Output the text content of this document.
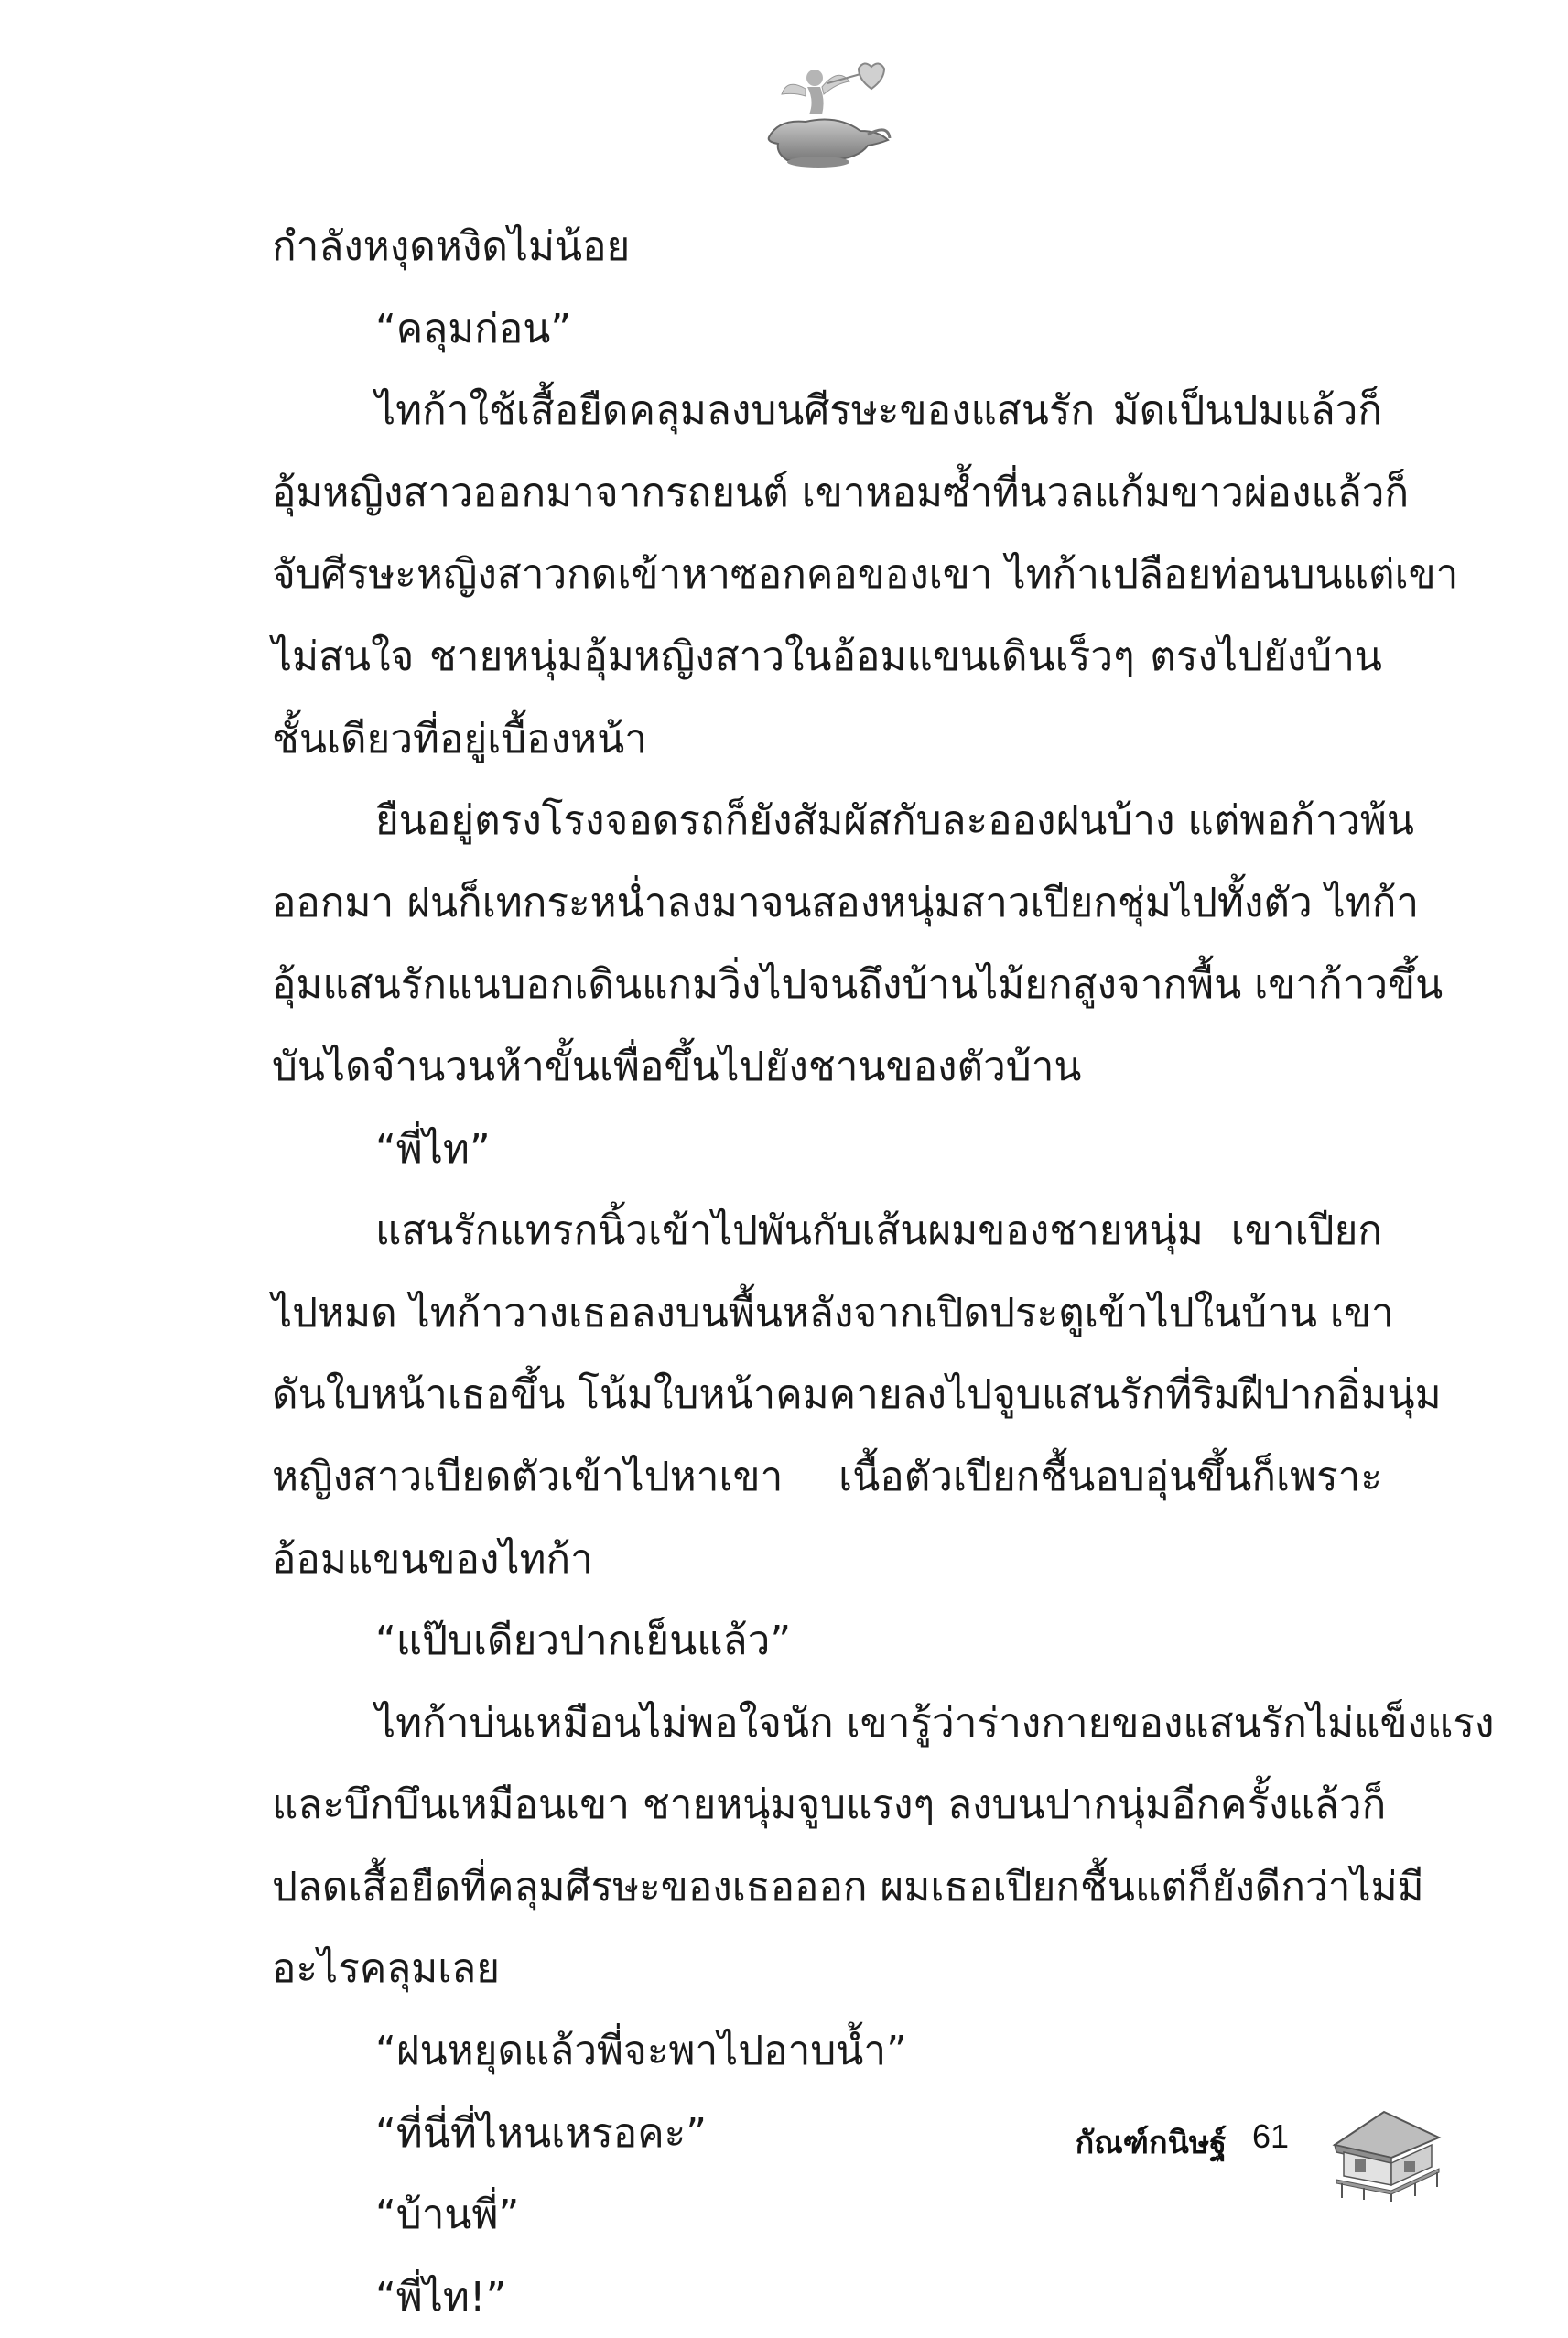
กำลังหงุดหงิดไม่น้อย
“คลุมก่อน”
ไทก้าใช้เสื้อยืดคลุมลงบนศีรษะของแสนรัก มัดเป็นปมแล้วก็
อุ้มหญิงสาวออกมาจากรถยนต์ เขาหอมซ้ำที่นวลแก้มขาวผ่องแล้วก็
จับศีรษะหญิงสาวกดเข้าหาซอกคอของเขา ไทก้าเปลือยท่อนบนแต่เขา
ไม่สนใจ ชายหนุ่มอุ้มหญิงสาวในอ้อมแขนเดินเร็วๆ ตรงไปยังบ้าน
ชั้นเดียวที่อยู่เบื้องหน้า
ยืนอยู่ตรงโรงจอดรถก็ยังสัมผัสกับละอองฝนบ้าง แต่พอก้าวพ้น
ออกมา ฝนก็เทกระหน่ำลงมาจนสองหนุ่มสาวเปียกชุ่มไปทั้งตัว ไทก้า
อุ้มแสนรักแนบอกเดินแกมวิ่งไปจนถึงบ้านไม้ยกสูงจากพื้น เขาก้าวขึ้น
บันไดจำนวนห้าขั้นเพื่อขึ้นไปยังชานของตัวบ้าน
“พี่ไท”
แสนรักแทรกนิ้วเข้าไปพันกับเส้นผมของชายหนุ่ม เขาเปียก
ไปหมด ไทก้าวางเธอลงบนพื้นหลังจากเปิดประตูเข้าไปในบ้าน เขา
ดันใบหน้าเธอขึ้น โน้มใบหน้าคมคายลงไปจูบแสนรักที่ริมฝีปากอิ่มนุ่ม
หญิงสาวเบียดตัวเข้าไปหาเขา เนื้อตัวเปียกชื้นอบอุ่นขึ้นก็เพราะ
อ้อมแขนของไทก้า
“แป๊บเดียวปากเย็นแล้ว”
ไทก้าบ่นเหมือนไม่พอใจนัก เขารู้ว่าร่างกายของแสนรักไม่แข็งแรง
และบึกบึนเหมือนเขา ชายหนุ่มจูบแรงๆ ลงบนปากนุ่มอีกครั้งแล้วก็
ปลดเสื้อยืดที่คลุมศีรษะของเธอออก ผมเธอเปียกชื้นแต่ก็ยังดีกว่าไม่มี
อะไรคลุมเลย
“ฝนหยุดแล้วพี่จะพาไปอาบน้ำ”
“ที่นี่ที่ไหนเหรอคะ”
“บ้านพี่”
“พี่ไท!”
กัณฑ์กนิษฐ์ 61
